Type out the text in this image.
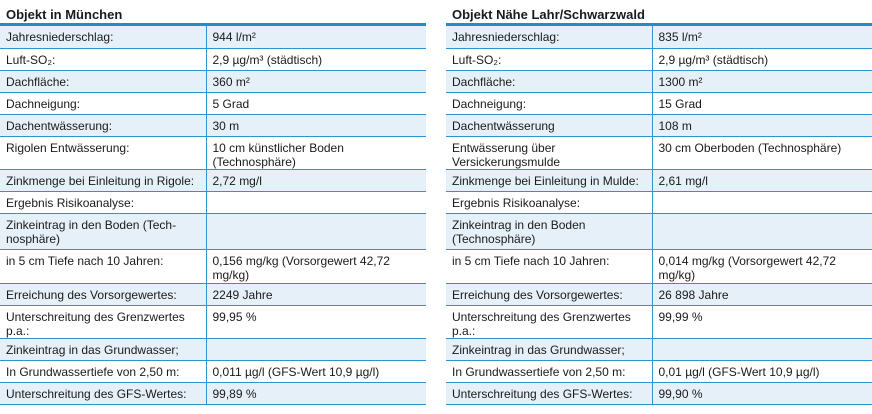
Objekt in München
Jahresniederschlag:	944 l/m²
Luft-SO₂:	2,9 µg/m³ (städtisch)
Dachfläche:	360 m²
Dachneigung:	5 Grad
Dachentwässerung:	30 m
Rigolen Entwässerung:	10 cm künstlicher Boden (Technosphäre)
Zinkmenge bei Einleitung in Rigole:	2,72 mg/l
Ergebnis Risikoanalyse:	
Zinkeintrag in den Boden (Tech-nosphäre)	
in 5 cm Tiefe nach 10 Jahren:	0,156 mg/kg (Vorsorgewert 42,72 mg/kg)
Erreichung des Vorsorgewertes:	2249 Jahre
Unterschreitung des Grenzwertes p.a.:	99,95 %
Zinkeintrag in das Grundwasser;	
In Grundwassertiefe von 2,50 m:	0,011 µg/l (GFS-Wert 10,9 µg/l)
Unterschreitung des GFS-Wertes:	99,89 %
Objekt Nähe Lahr/Schwarzwald
Jahresniederschlag:	835 l/m²
Luft-SO₂:	2,9 µg/m³ (städtisch)
Dachfläche:	1300 m²
Dachneigung:	15 Grad
Dachentwässerung	108 m
Entwässerung über Versickerungsmulde	30 cm Oberboden (Technosphäre)
Zinkmenge bei Einleitung in Mulde:	2,61 mg/l
Ergebnis Risikoanalyse:	
Zinkeintrag in den Boden (Technosphäre)	
in 5 cm Tiefe nach 10 Jahren:	0,014 mg/kg (Vorsorgewert 42,72 mg/kg)
Erreichung des Vorsorgewertes:	26 898 Jahre
Unterschreitung des Grenzwertes p.a.:	99,99 %
Zinkeintrag in das Grundwasser;	
In Grundwassertiefe von 2,50 m:	0,01 µg/l (GFS-Wert 10,9 µg/l)
Unterschreitung des GFS-Wertes:	99,90 %
